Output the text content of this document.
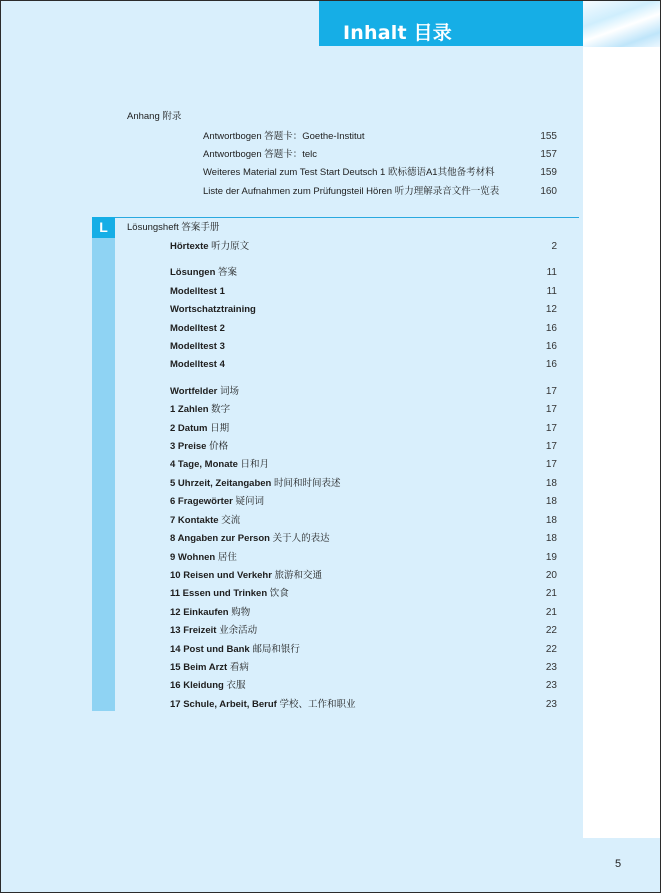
Inhalt 目录
Anhang 附录
Antwortbogen 答题卡：Goethe-Institut	155
Antwortbogen 答题卡：telc	157
Weiteres Material zum Test Start Deutsch 1 欧标德语A1其他备考材料	159
Liste der Aufnahmen zum Prüfungsteil Hören 听力理解录音文件一览表	160
L	Lösungsheft 答案手册
Hörtexte 听力原文	2
Lösungen 答案	11
Modelltest 1	11
Wortschatztraining	12
Modelltest 2	16
Modelltest 3	16
Modelltest 4	16
Wortfelder 词场	17
1 Zahlen 数字	17
2 Datum 日期	17
3 Preise 价格	17
4 Tage, Monate 日和月	17
5 Uhrzeit, Zeitangaben 时间和时间表述	18
6 Fragewörter 疑问词	18
7 Kontakte 交流	18
8 Angaben zur Person 关于人的表达	18
9 Wohnen 居住	19
10 Reisen und Verkehr 旅游和交通	20
11 Essen und Trinken 饮食	21
12 Einkaufen 购物	21
13 Freizeit 业余活动	22
14 Post und Bank 邮局和银行	22
15 Beim Arzt 看病	23
16 Kleidung 衣服	23
17 Schule, Arbeit, Beruf 学校、工作和职业	23
5
